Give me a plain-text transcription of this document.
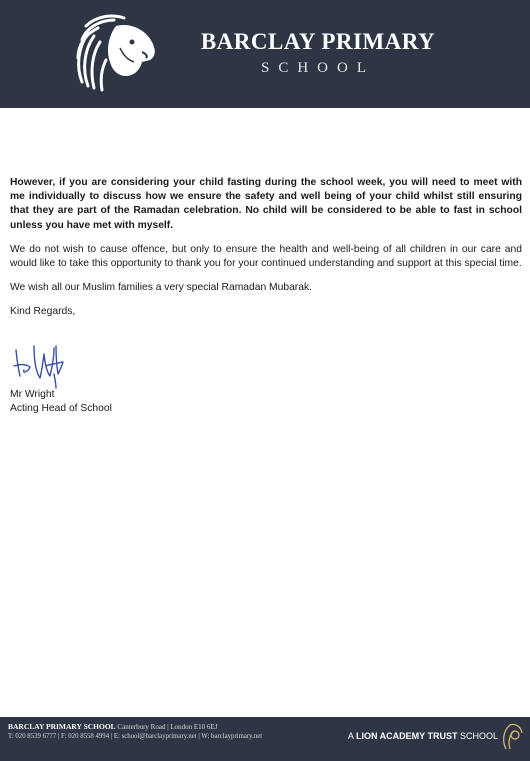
BARCLAY PRIMARY
SCHOOL

However, if you are considering your child fasting during the school week, you will need to meet with me individually to discuss how we ensure the safety and well being of your child whilst still ensuring that they are part of the Ramadan celebration. No child will be considered to be able to fast in school unless you have met with myself.

We do not wish to cause offence, but only to ensure the health and well-being of all children in our care and would like to take this opportunity to thank you for your continued understanding and support at this special time.

We wish all our Muslim families a very special Ramadan Mubarak.

Kind Regards,

Mr Wright
Acting Head of School
BARCLAY PRIMARY SCHOOL Canterbury Road | London E10 6EJ
T: 020 8539 6777 | F: 020 8558 4994 | E: school@barclayprimary.net | W: barclayprimary.net	A LION ACADEMY TRUST SCHOOL
